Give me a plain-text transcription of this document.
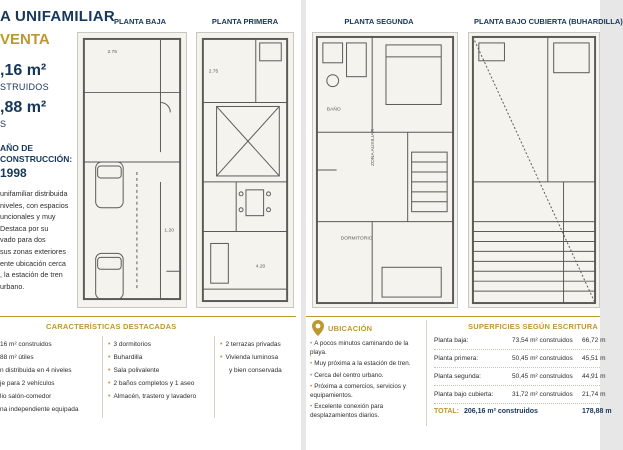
A UNIFAMILIAR
VENTA
,16 m²
STRUIDOS
,88 m²
S
AÑO DE
CONSTRUCCIÓN:
1998
unifamiliar distribuida
niveles, con espacios
uncionales y muy
Destaca por su
vado para dos
sus zonas exteriores
ente ubicación cerca
, la estación de tren
urbano.
PLANTA BAJA	PLANTA PRIMERA
2.75
1.20
2.75
4.20
CARACTERÍSTICAS DESTACADAS
16 m² construidos
88 m² útiles
n distribuida en 4 niveles
je para 2 vehículos
lio salón-comedor
na independiente equipada
• 3 dormitorios
• Buhardilla
• Sala polivalente
• 2 baños completos y 1 aseo
• Almacén, trastero y lavadero
• 2 terrazas privadas
• Vivienda luminosa
y bien conservada
PLANTA SEGUNDA	PLANTA BAJO CUBIERTA (BUHARDILLA)
ZONA AUXILIAR
DORMITORIO
BAÑO
UBICACIÓN
• A pocos minutos caminando de la playa.
• Muy próxima a la estación de tren.
• Cerca del centro urbano.
• Próxima a comercios, servicios y equipamientos.
• Excelente conexión para desplazamientos diarios.
SUPERFICIES SEGÚN ESCRITURA
Planta baja:	73,54 m² construidos 66,72 m
Planta primera:	50,45 m² construidos 45,51 m
Planta segunda:	50,45 m² construidos 44,91 m
Planta bajo cubierta:	31,72 m² construidos 21,74 m
TOTAL: 206,16 m² construidos	178,88 m
